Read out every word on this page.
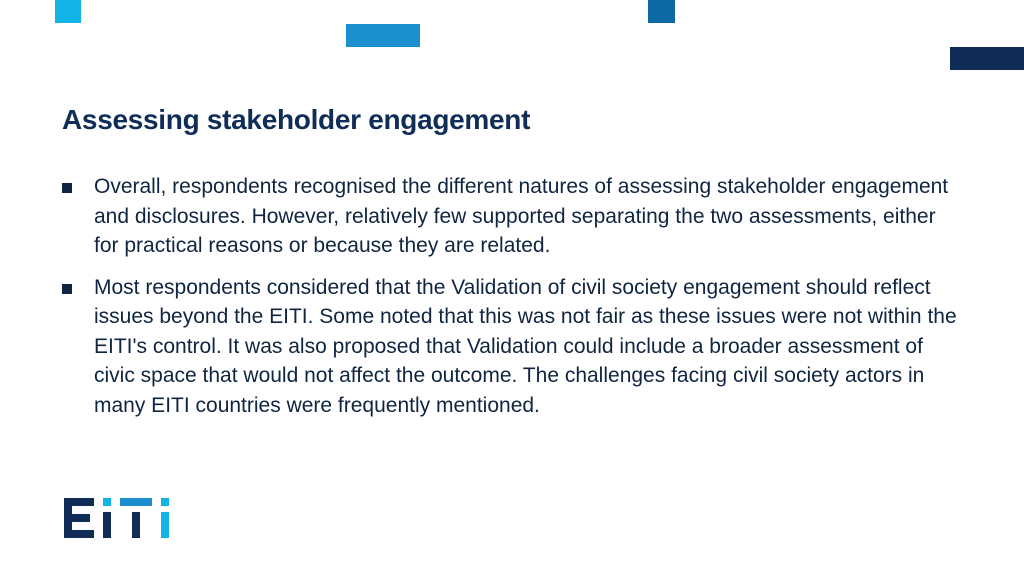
Assessing stakeholder engagement
Overall, respondents recognised the different natures of assessing stakeholder engagement and disclosures. However, relatively few supported separating the two assessments, either for practical reasons or because they are related.
Most respondents considered that the Validation of civil society engagement should reflect issues beyond the EITI. Some noted that this was not fair as these issues were not within the EITI's control. It was also proposed that Validation could include a broader assessment of civic space that would not affect the outcome. The challenges facing civil society actors in many EITI countries were frequently mentioned.
